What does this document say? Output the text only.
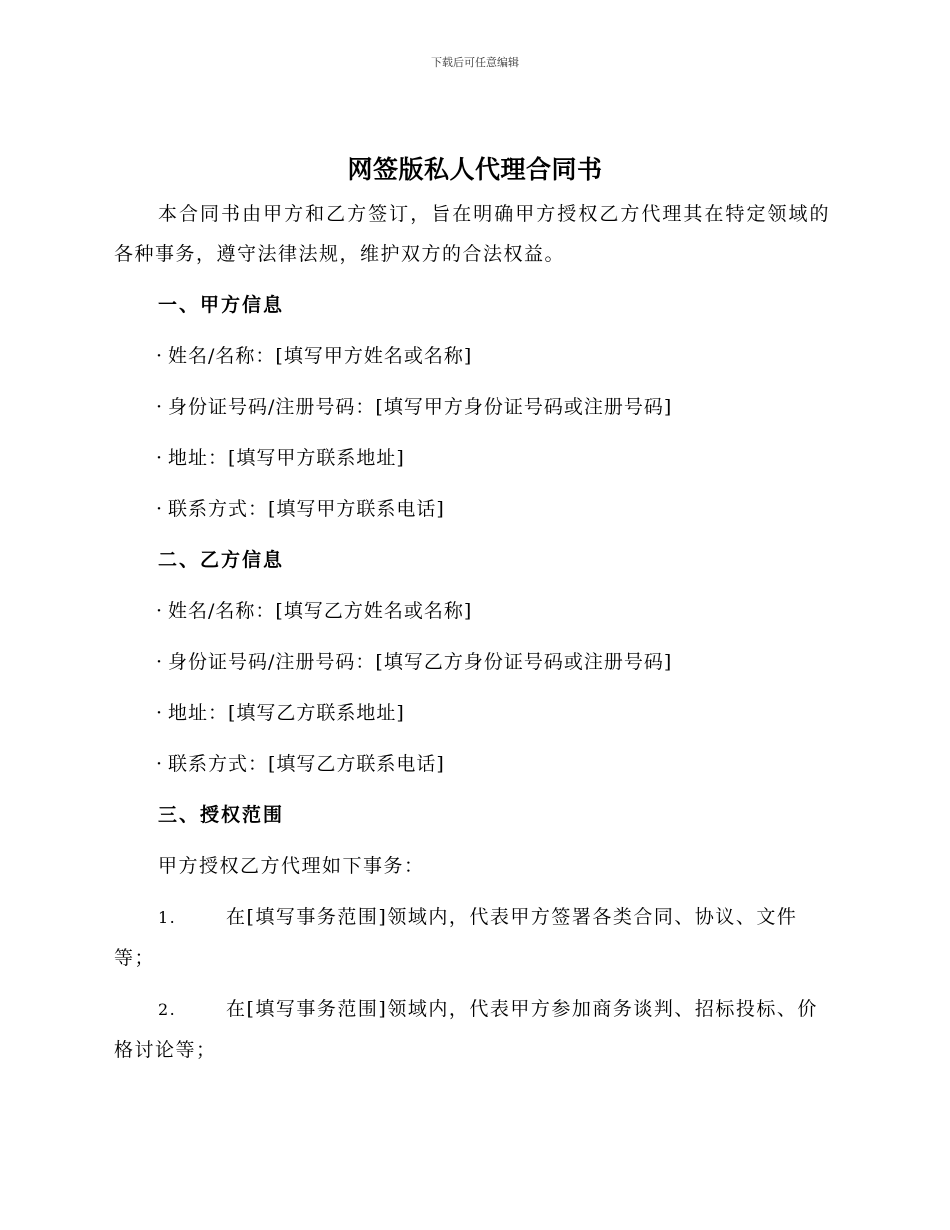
下载后可任意编辑
网签版私人代理合同书

本合同书由甲方和乙方签订，旨在明确甲方授权乙方代理其在特定领域的各种事务，遵守法律法规，维护双方的合法权益。

一、甲方信息
· 姓名/名称：[填写甲方姓名或名称]
· 身份证号码/注册号码：[填写甲方身份证号码或注册号码]
· 地址：[填写甲方联系地址]
· 联系方式：[填写甲方联系电话]
二、乙方信息
· 姓名/名称：[填写乙方姓名或名称]
· 身份证号码/注册号码：[填写乙方身份证号码或注册号码]
· 地址：[填写乙方联系地址]
· 联系方式：[填写乙方联系电话]
三、授权范围

甲方授权乙方代理如下事务：

1.	在[填写事务范围]领域内，代表甲方签署各类合同、协议、文件等；

2.	在[填写事务范围]领域内，代表甲方参加商务谈判、招标投标、价格讨论等；
